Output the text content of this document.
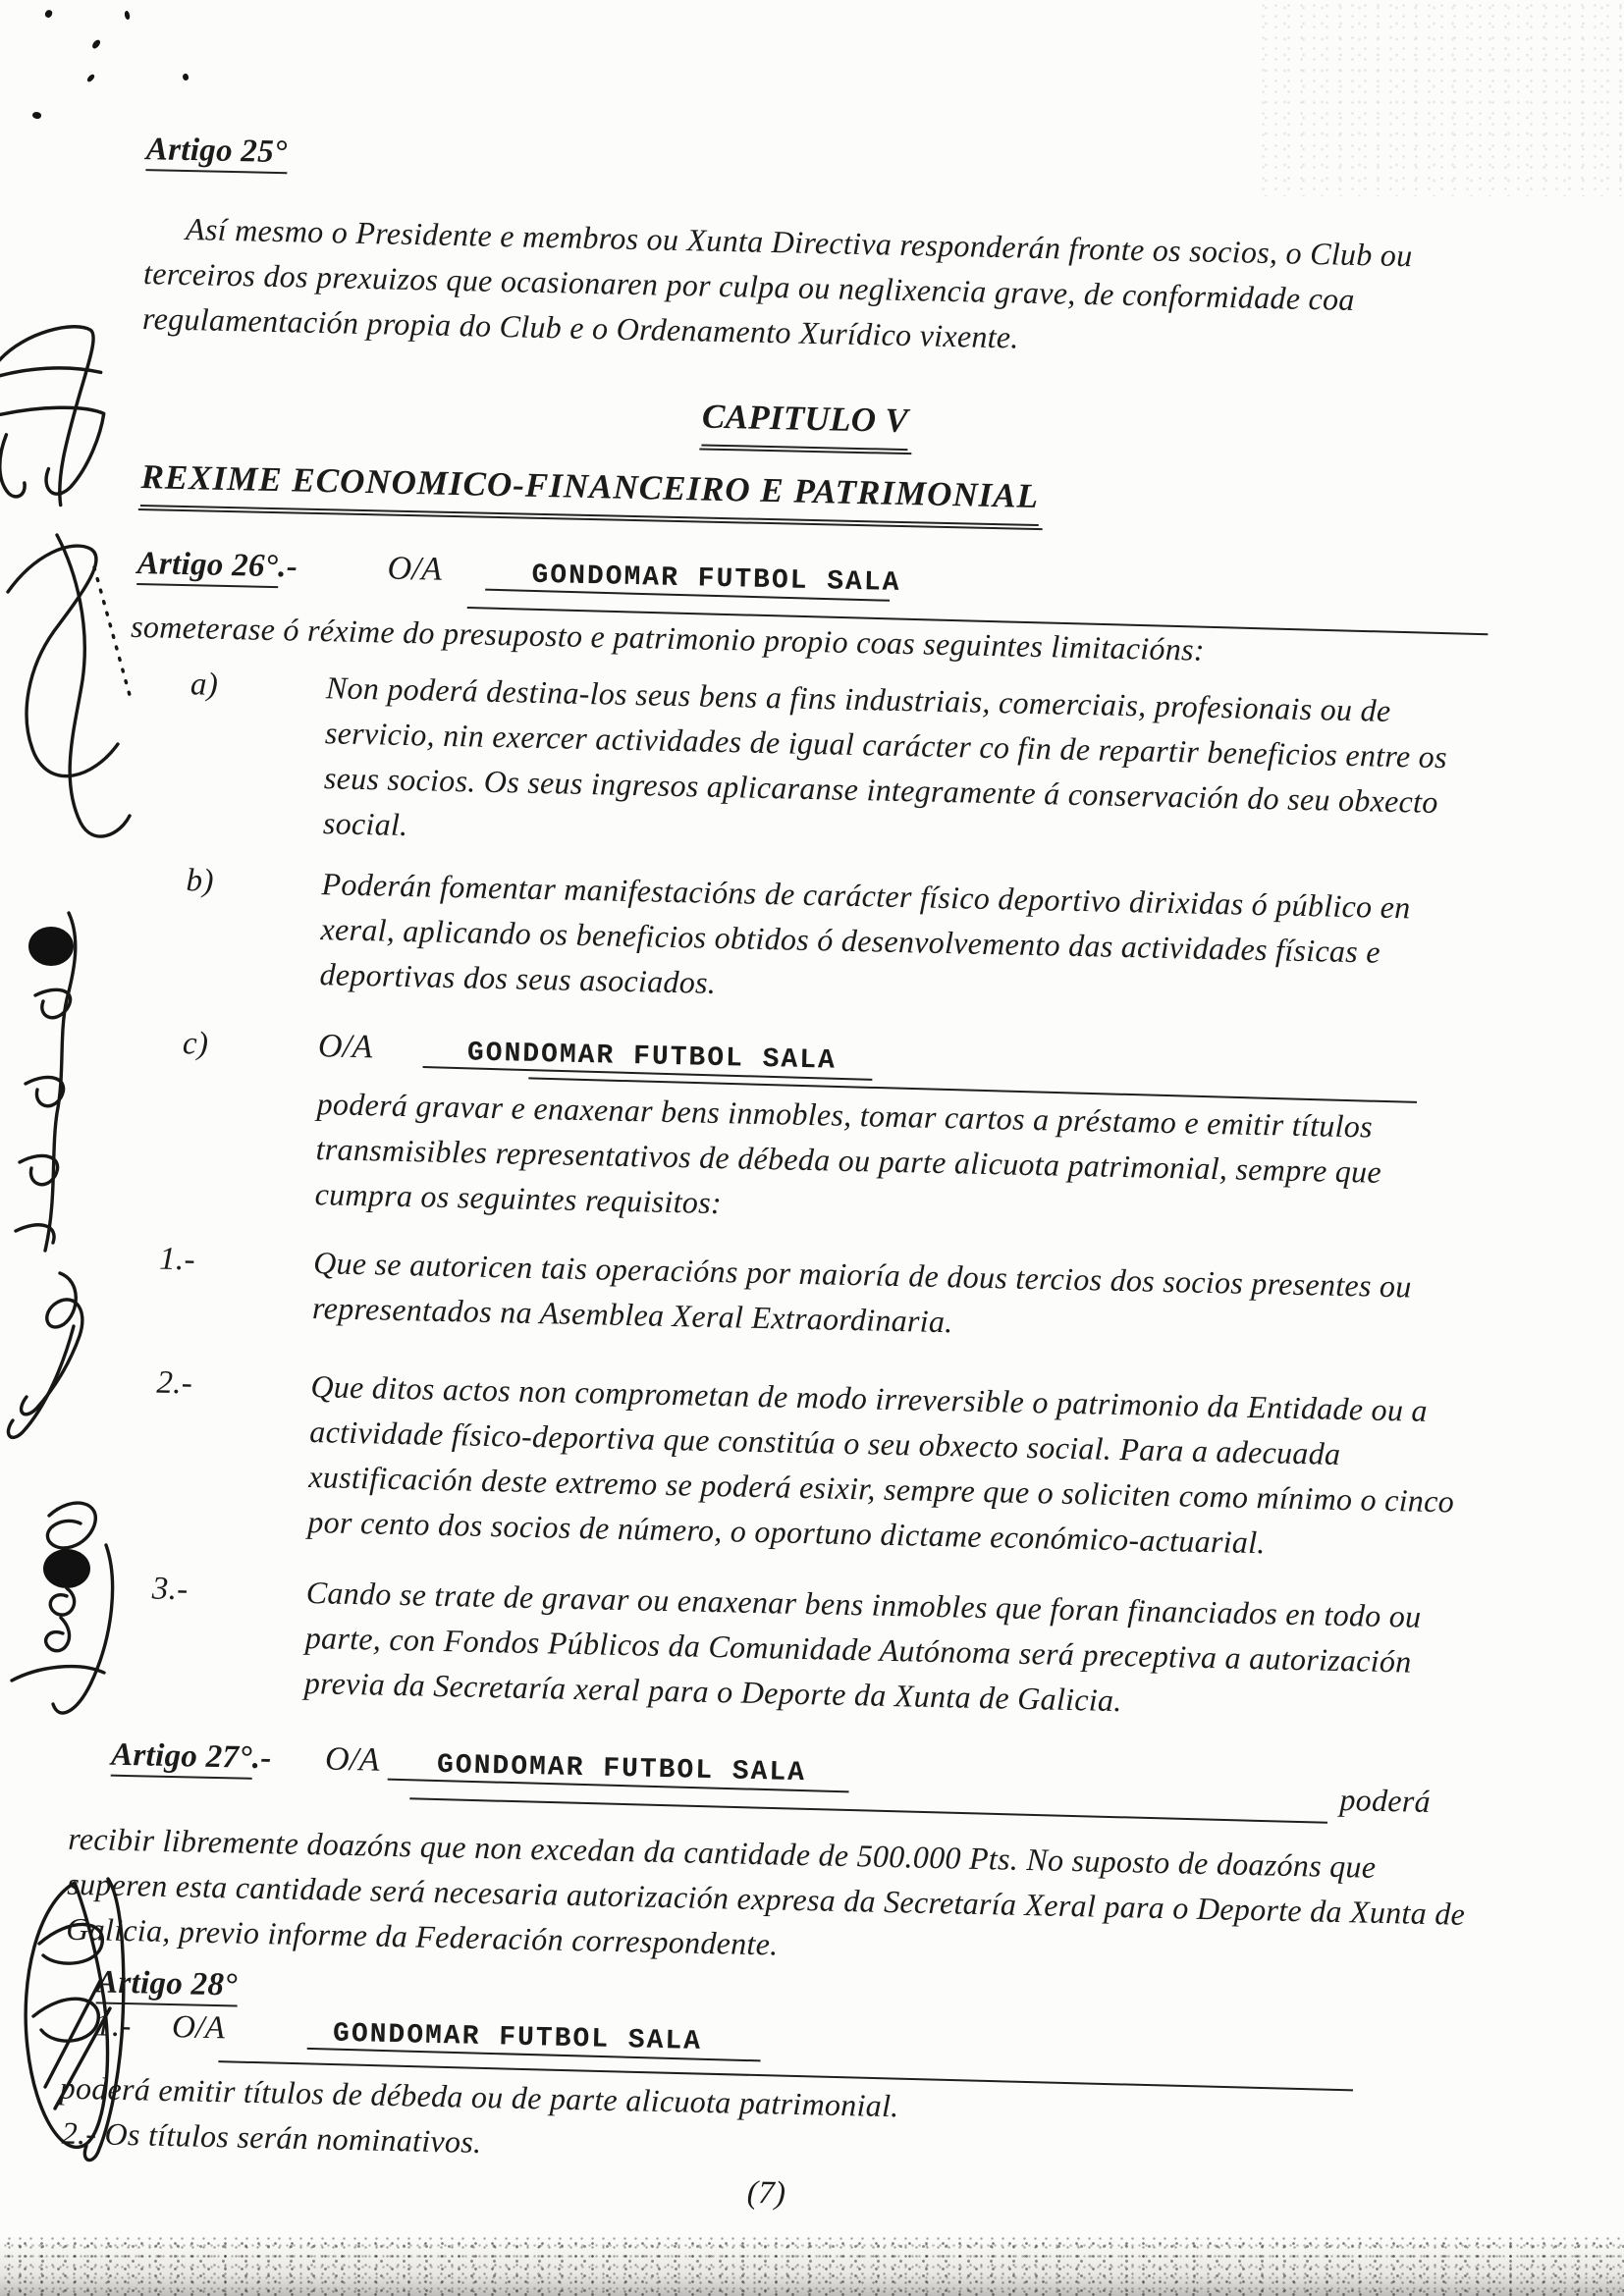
Artigo 25°
Así mesmo o Presidente e membros ou Xunta Directiva responderán fronte os socios, o Club ou terceiros dos prexuizos que ocasionaren por culpa ou neglixencia grave, de conformidade coa regulamentación propia do Club e o Ordenamento Xurídico vixente.
CAPITULO V
REXIME ECONOMICO-FINANCEIRO E PATRIMONIAL
Artigo 26°.-	O/A	GONDOMAR FUTBOL SALA
someterase ó réxime do presuposto e patrimonio propio coas seguintes limitacións:
a)	Non poderá destina-los seus bens a fins industriais, comerciais, profesionais ou de servicio, nin exercer actividades de igual carácter co fin de repartir beneficios entre os seus socios. Os seus ingresos aplicaranse integramente á conservación do seu obxecto social.
b)	Poderán fomentar manifestacións de carácter físico deportivo dirixidas ó público en xeral, aplicando os beneficios obtidos ó desenvolvemento das actividades físicas e deportivas dos seus asociados.
c)	O/A	GONDOMAR FUTBOL SALA
poderá gravar e enaxenar bens inmobles, tomar cartos a préstamo e emitir títulos transmisibles representativos de débeda ou parte alicuota patrimonial, sempre que cumpra os seguintes requisitos:
1.-	Que se autoricen tais operacións por maioría de dous tercios dos socios presentes ou representados na Asemblea Xeral Extraordinaria.
2.-	Que ditos actos non comprometan de modo irreversible o patrimonio da Entidade ou a actividade físico-deportiva que constitúa o seu obxecto social. Para a adecuada xustificación deste extremo se poderá esixir, sempre que o soliciten como mínimo o cinco por cento dos socios de número, o oportuno dictame económico-actuarial.
3.-	Cando se trate de gravar ou enaxenar bens inmobles que foran financiados en todo ou parte, con Fondos Públicos da Comunidade Autónoma será preceptiva a autorización previa da Secretaría xeral para o Deporte da Xunta de Galicia.
Artigo 27°.- O/A GONDOMAR FUTBOL SALA
poderá
recibir libremente doazóns que non excedan da cantidade de 500.000 Pts. No suposto de doazóns que superen esta cantidade será necesaria autorización expresa da Secretaría Xeral para o Deporte da Xunta de Galicia, previo informe da Federación correspondente.
Artigo 28°
1.- O/A	GONDOMAR FUTBOL SALA
poderá emitir títulos de débeda ou de parte alicuota patrimonial.
2.- Os títulos serán nominativos.
(7)
